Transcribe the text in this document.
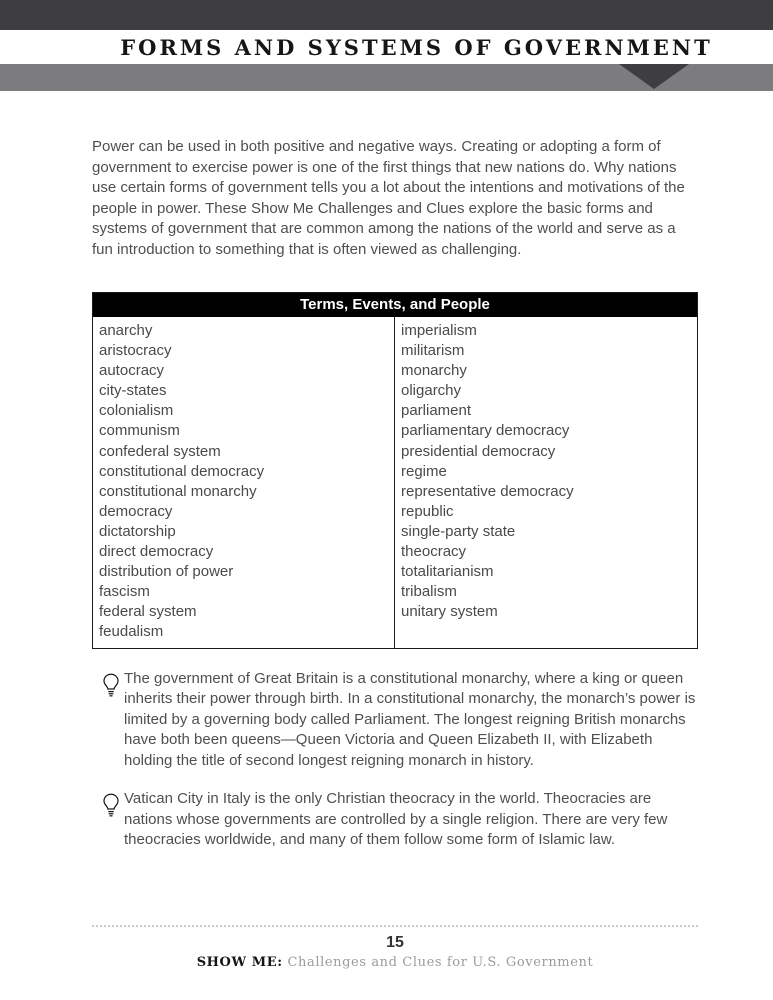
FORMS AND SYSTEMS OF GOVERNMENT

Power can be used in both positive and negative ways. Creating or adopting a form of government to exercise power is one of the first things that new nations do. Why nations use certain forms of government tells you a lot about the intentions and motivations of the people in power. These Show Me Challenges and Clues explore the basic forms and systems of government that are common among the nations of the world and serve as a fun introduction to something that is often viewed as challenging.

Terms, Events, and People
anarchy
aristocracy
autocracy
city-states
colonialism
communism
confederal system
constitutional democracy
constitutional monarchy
democracy
dictatorship
direct democracy
distribution of power
fascism
federal system
feudalism
imperialism
militarism
monarchy
oligarchy
parliament
parliamentary democracy
presidential democracy
regime
representative democracy
republic
single-party state
theocracy
totalitarianism
tribalism
unitary system
The government of Great Britain is a constitutional monarchy, where a king or queen inherits their power through birth. In a constitutional monarchy, the monarch’s power is limited by a governing body called Parliament. The longest reigning British monarchs have both been queens—Queen Victoria and Queen Elizabeth II, with Elizabeth holding the title of second longest reigning monarch in history.
Vatican City in Italy is the only Christian theocracy in the world. Theocracies are nations whose governments are controlled by a single religion. There are very few theocracies worldwide, and many of them follow some form of Islamic law.
15
SHOW ME: Challenges and Clues for U.S. Government
